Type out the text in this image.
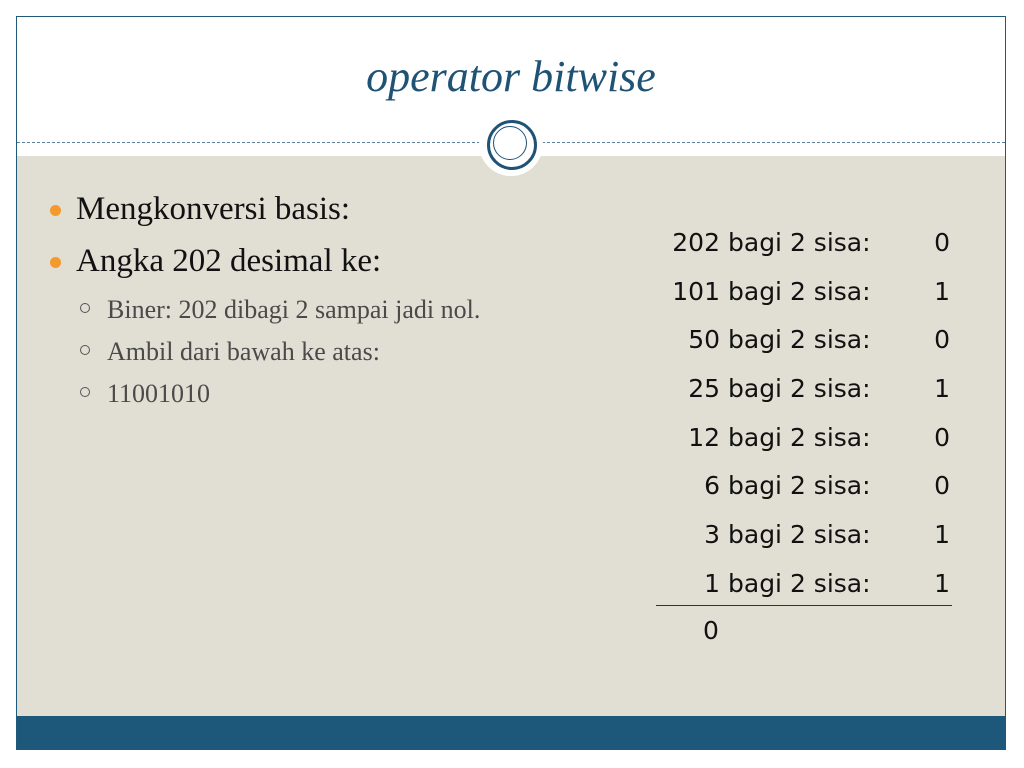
operator bitwise
Mengkonversi basis:
Angka 202 desimal ke:
Biner: 202 dibagi 2 sampai jadi nol.
Ambil dari bawah ke atas:
11001010
202 bagi 2 sisa:	0
101 bagi 2 sisa:	1
50 bagi 2 sisa:	0
25 bagi 2 sisa:	1
12 bagi 2 sisa:	0
6 bagi 2 sisa:	0
3 bagi 2 sisa:	1
1 bagi 2 sisa:	1
0
